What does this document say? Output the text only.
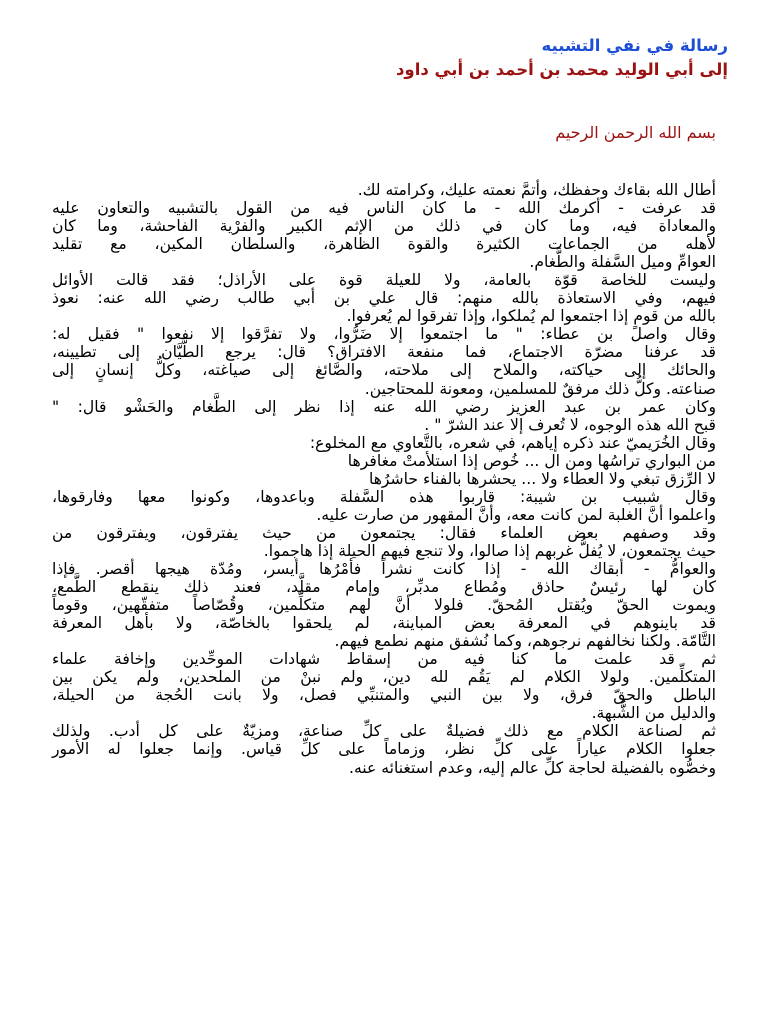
رسالة في نفي التشبيه
إلى أبي الوليد محمد بن أحمد بن أبي داود
بسم الله الرحمن الرحيم
أطال الله بقاءك وحفظك، وأتمَّ نعمته عليك، وكرامته لك.
قد عرفت - أكرمك الله - ما كان الناس فيه من القول بالتشبيه والتعاون عليه
والمعاداة فيه، وما كان في ذلك من الإثم الكبير والفرْية الفاحشة، وما كان
لأهله من الجماعات الكثيرة والقوة الظاهرة، والسلطان المكين، مع تقليد
العوامِّ وميل السَّفلة والطَّغام.
وليست للخاصة قوّة بالعامة، ولا للعيلة قوة على الأراذل؛ فقد قالت الأوائل
فيهم، وفي الاستعاذة بالله منهم: قال علي بن أبي طالب رضي الله عنه: نعوذ
بالله من قومٍ إذا اجتمعوا لم يُملكوا، وإذا تفرقوا لم يُعرفوا.
وقال واصل بن عطاء: " ما اجتمعوا إلا ضَرُّوا، ولا تفرَّقوا إلا نفعوا " فقيل له:
قد عرفنا مضرّة الاجتماع، فما منفعة الافتراق؟ قال: يرجع الطَّيَّان إلى تطيينه،
والحائك إلى حياكته، والملاح إلى ملاحته، والصَّائغ إلى صياغته، وكلُّ إنسانٍ إلى
صناعته. وكلُّ ذلك مرفقٌ للمسلمين، ومعونة للمحتاجين.
وكان عمر بن عبد العزيز رضي الله عنه إذا نظر إلى الطَّغام والحَشْو قال: "
قبح الله هذه الوجوه، لا تُعرف إلا عند الشرّ " .
وقال الخُرَيميّ عند ذكره إياهم، في شعره، بالتَّعاوي مع المخلوع:
من البواري تراسُها ومن ال ... خُوص إذا استلأمتْ مغافرها
لا الرِّزق تبغي ولا العطاء ولا ... يحشرها بالفناء حاشرُها
وقال شبيب بن شيبة: قاربوا هذه السَّفلة وباعدوها، وكونوا معها وفارقوها،
واعلموا أنَّ الغلبة لمن كانت معه، وأنَّ المقهور من صارت عليه.
وقد وصفهم بعض العلماء فقال: يجتمعون من حيث يفترقون، ويفترقون من
حيث يجتمعون، لا يُفلُّ غربهم إذا صالوا، ولا تنجع فيهم الحيلة إذا هاجموا.
والعوامُّ - أبقاك الله - إذا كانت نشراً فأمْرُها أيسر، ومُدّة هيجها أقصر. فإذا
كان لها رئيسٌ حاذق ومُطاع مدبِّر، وإمام مقلَّد، فعند ذلك ينقطع الطَّمع،
ويموت الحقّ ويُقتل المُحقّ. فلولا أنَّ لهم متكلِّمين، وقُصّاصاً متفقّهين، وقوماً
قد باينوهم في المعرفة بعض المباينة، لم يلحقوا بالخاصّة، ولا بأهل المعرفة
التَّامّة. ولكنا نخالفهم نرجوهم، وكما نُشفق منهم نطمع فيهم.
ثم قد علمت ما كنا فيه من إسقاط شهادات الموحِّدين وإخافة علماء
المتكلِّمين. ولولا الكلام لم يَقُم لله دين، ولم نبنْ من الملحدين، ولم يكن بين
الباطل والحقّ فرق، ولا بين النبي والمتنبِّي فصل، ولا بانت الحُجة من الحيلة،
والدليل من الشُّبهة.
ثم لصناعة الكلام مع ذلك فضيلةٌ على كلِّ صناعة، ومزيّةٌ على كل أدب. ولذلك
جعلوا الكلام عياراً على كلِّ نظر، وزماماً على كلِّ قياس. وإنما جعلوا له الأمور
وخصُّوه بالفضيلة لحاجة كلِّ عالم إليه، وعدم استغنائه عنه.
